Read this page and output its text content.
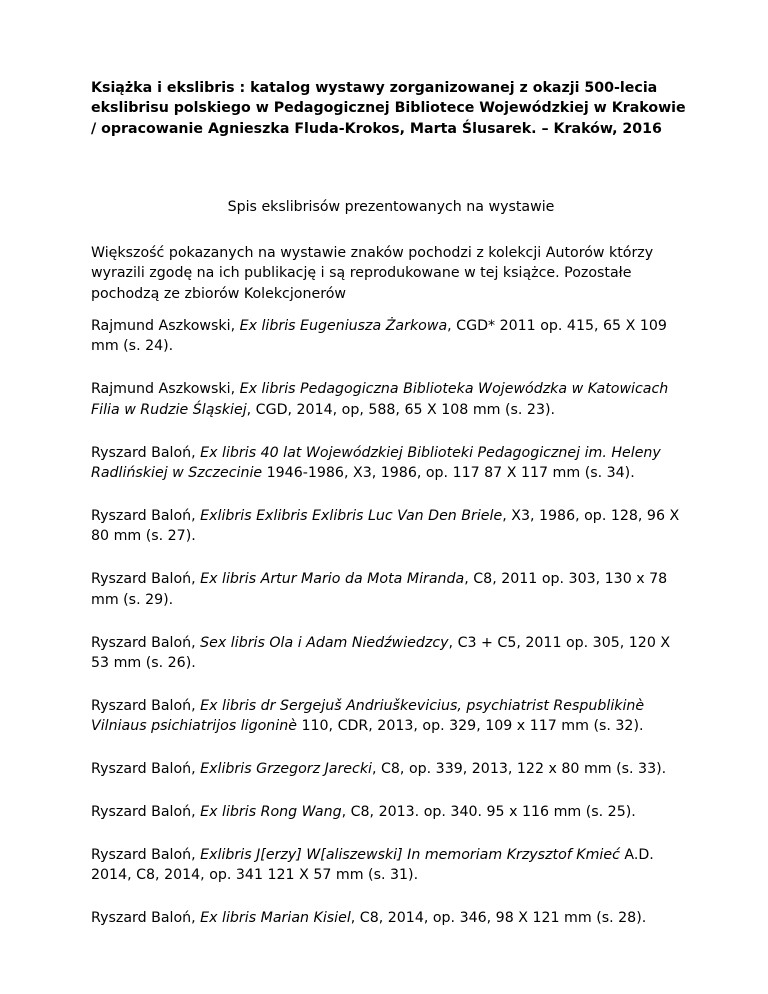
Książka i ekslibris : katalog wystawy zorganizowanej z okazji 500-lecia ekslibrisu polskiego w Pedagogicznej Bibliotece Wojewódzkiej w Krakowie / opracowanie Agnieszka Fluda-Krokos, Marta Ślusarek. – Kraków, 2016

Spis ekslibrisów prezentowanych na wystawie

Większość pokazanych na wystawie znaków pochodzi z kolekcji Autorów którzy wyrazili zgodę na ich publikację i są reprodukowane w tej książce. Pozostałe pochodzą ze zbiorów Kolekcjonerów

Rajmund Aszkowski, Ex libris Eugeniusza Żarkowa, CGD* 2011 op. 415, 65 X 109 mm (s. 24).

Rajmund Aszkowski, Ex libris Pedagogiczna Biblioteka Wojewódzka w Katowicach Filia w Rudzie Śląskiej, CGD, 2014, op, 588, 65 X 108 mm (s. 23).

Ryszard Baloń, Ex libris 40 lat Wojewódzkiej Biblioteki Pedagogicznej im. Heleny Radlińskiej w Szczecinie 1946-1986, X3, 1986, op. 117 87 X 117 mm (s. 34).

Ryszard Baloń, Exlibris Exlibris Exlibris Luc Van Den Briele, X3, 1986, op. 128, 96 X 80 mm (s. 27).

Ryszard Baloń, Ex libris Artur Mario da Mota Miranda, C8, 2011 op. 303, 130 x 78 mm (s. 29).

Ryszard Baloń, Sex libris Ola i Adam Niedźwiedzcy, C3 + C5, 2011 op. 305, 120 X 53 mm (s. 26).

Ryszard Baloń, Ex libris dr Sergejuš Andriuškevicius, psychiatrist Respublikinè Vilniaus psichiatrijos ligoninè 110, CDR, 2013, op. 329, 109 x 117 mm (s. 32).

Ryszard Baloń, Exlibris Grzegorz Jarecki, C8, op. 339, 2013, 122 x 80 mm (s. 33).

Ryszard Baloń, Ex libris Rong Wang, C8, 2013. op. 340. 95 x 116 mm (s. 25).

Ryszard Baloń, Exlibris J[erzy] W[aliszewski] In memoriam Krzysztof Kmieć A.D. 2014, C8, 2014, op. 341 121 X 57 mm (s. 31).

Ryszard Baloń, Ex libris Marian Kisiel, C8, 2014, op. 346, 98 X 121 mm (s. 28).
